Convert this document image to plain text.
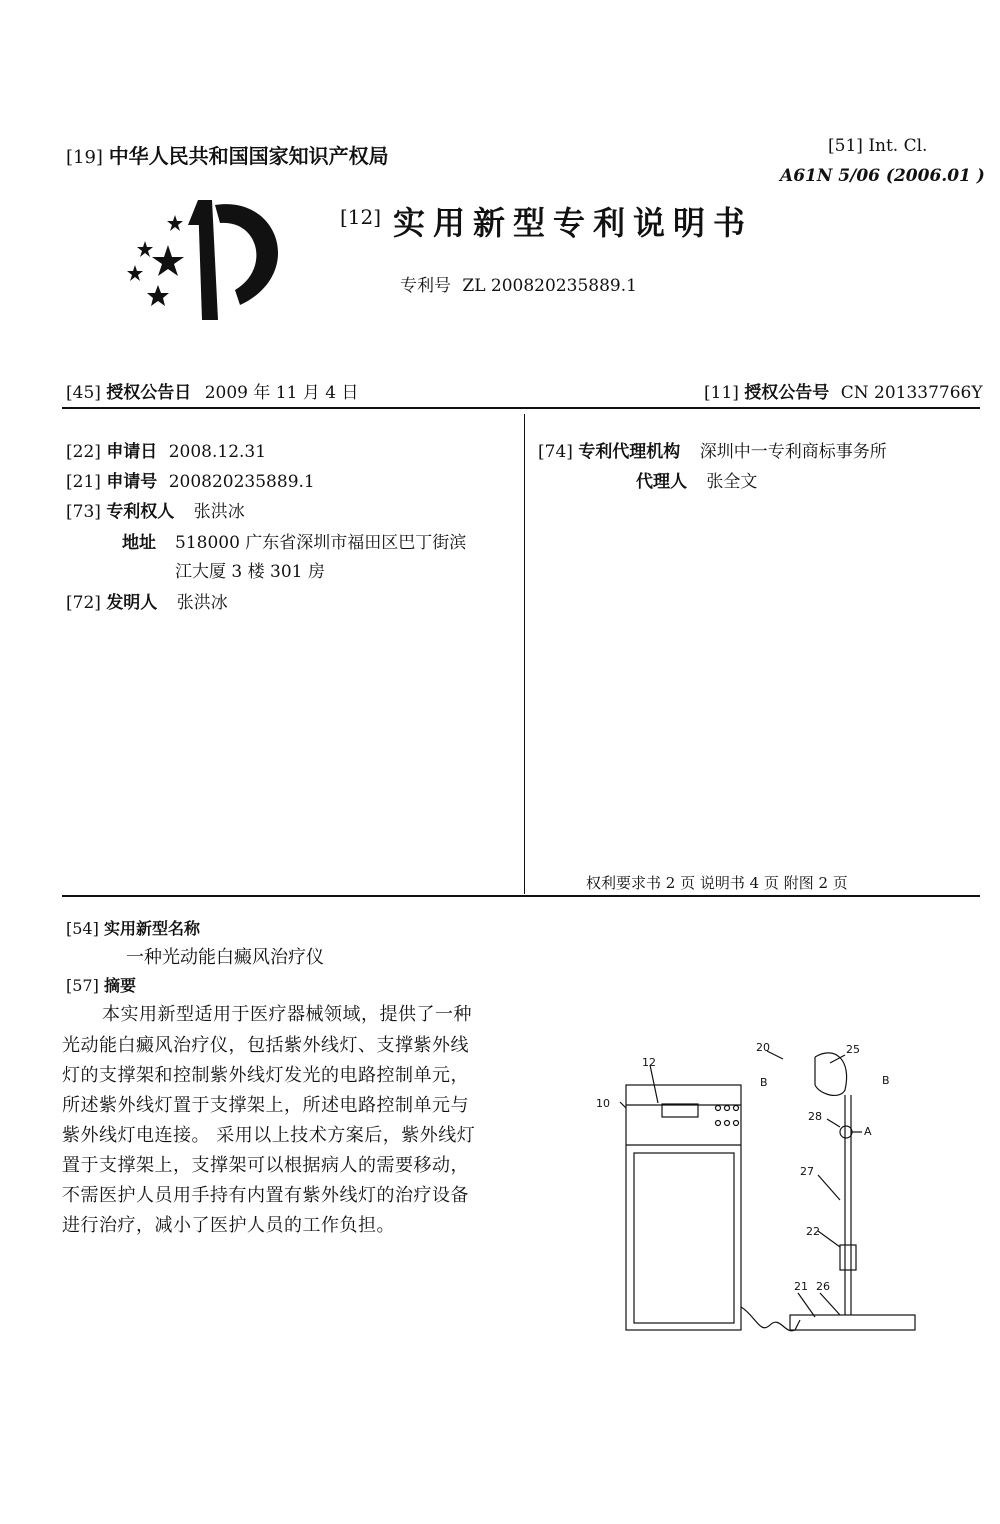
[19] 中华人民共和国国家知识产权局	[51] Int. Cl.
A61N 5/06 (2006.01 )
[12] 实用新型专利说明书
专利号 ZL 200820235889.1
[45] 授权公告日 2009 年 11 月 4 日	[11] 授权公告号 CN 201337766Y
[22] 申请日 2008.12.31
[21] 申请号 200820235889.1
[73] 专利权人 张洪冰
地址 518000 广东省深圳市福田区巴丁街滨
江大厦 3 楼 301 房
[72] 发明人 张洪冰
[74] 专利代理机构 深圳中一专利商标事务所
代理人 张全文
权利要求书 2 页 说明书 4 页 附图 2 页
[54] 实用新型名称
一种光动能白癜风治疗仪
[57] 摘要
本实用新型适用于医疗器械领域，提供了一种
光动能白癜风治疗仪，包括紫外线灯、支撑紫外线
灯的支撑架和控制紫外线灯发光的电路控制单元，
所述紫外线灯置于支撑架上，所述电路控制单元与
紫外线灯电连接。 采用以上技术方案后，紫外线灯
置于支撑架上，支撑架可以根据病人的需要移动，
不需医护人员用手持有内置有紫外线灯的治疗设备
进行治疗，减小了医护人员的工作负担。
12
10
20	25
B	B
28
A
27
22
21 26
